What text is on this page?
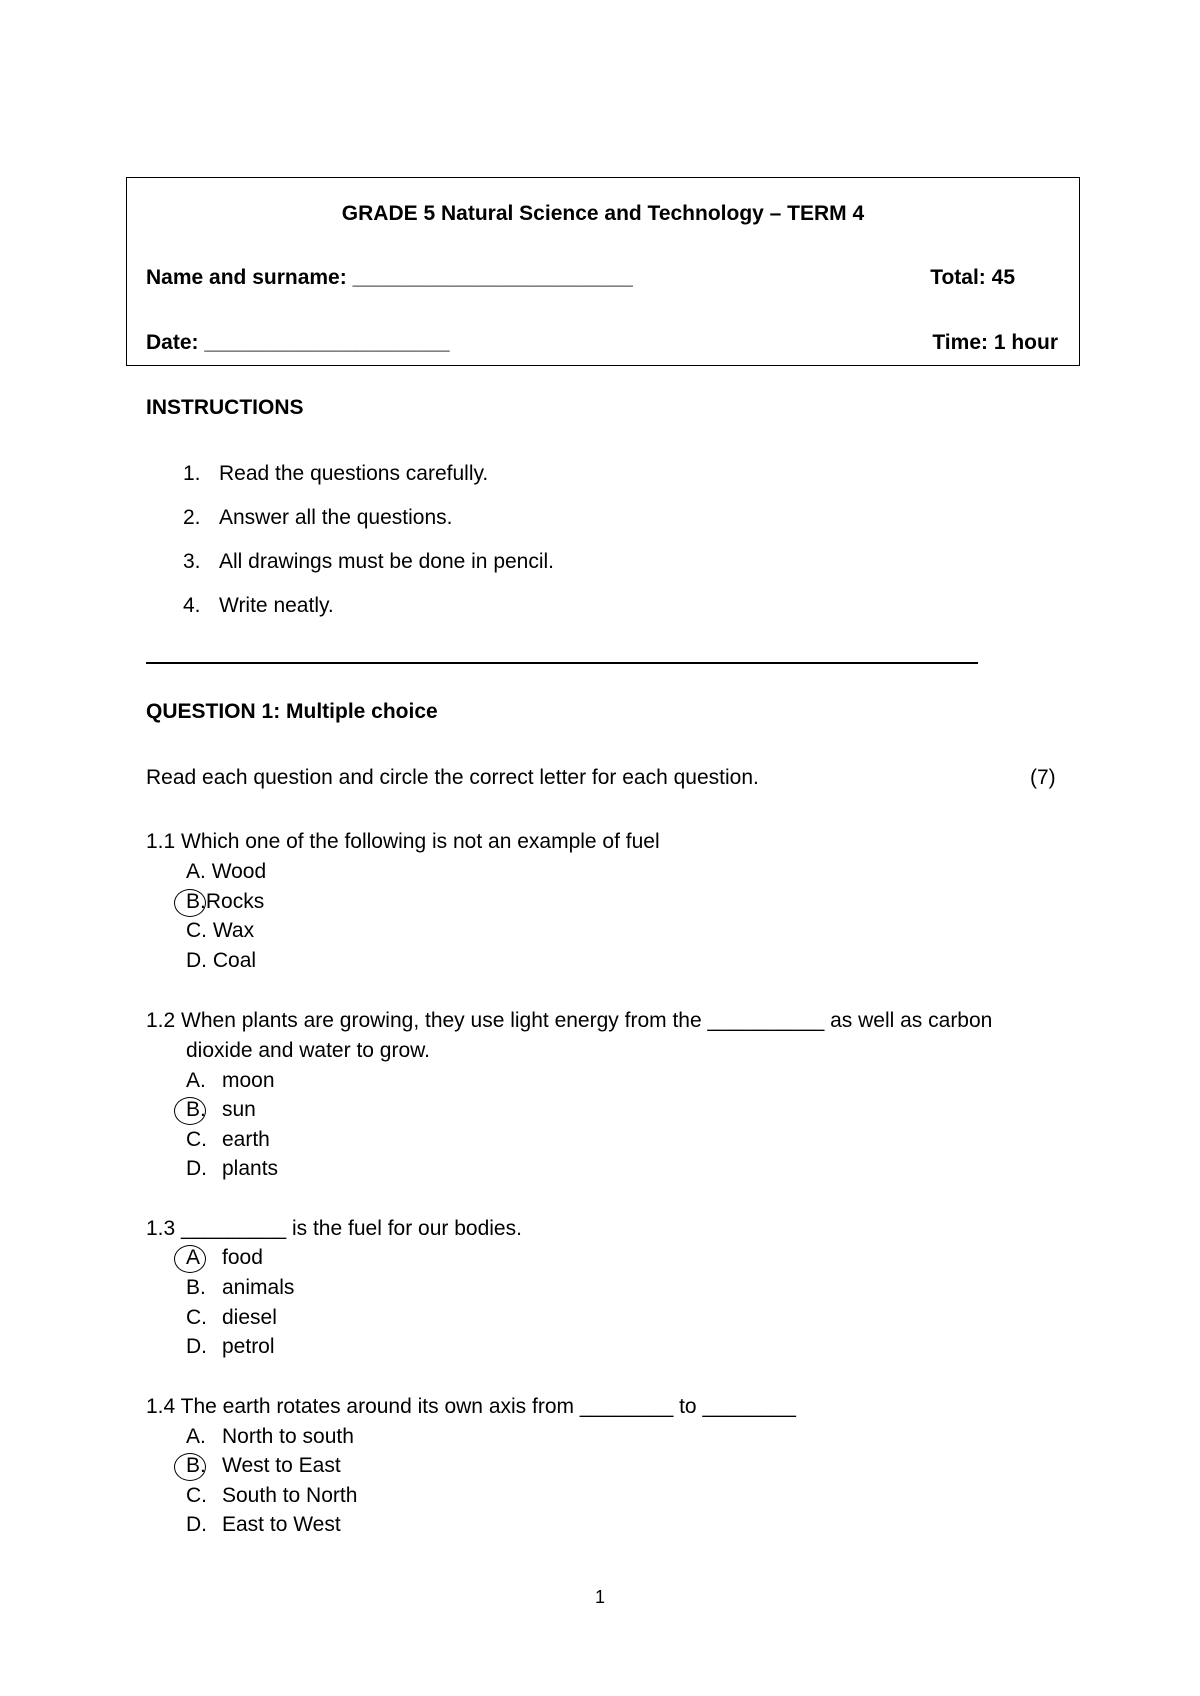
GRADE 5 Natural Science and Technology – TERM 4
Name and surname: ________________________	Total: 45
Date: _____________________	Time: 1 hour
INSTRUCTIONS
1. Read the questions carefully.
2. Answer all the questions.
3. All drawings must be done in pencil.
4. Write neatly.
QUESTION 1: Multiple choice
Read each question and circle the correct letter for each question.	(7)
1.1 Which one of the following is not an example of fuel
A. Wood
B.Rocks
C. Wax
D. Coal
1.2 When plants are growing, they use light energy from the __________ as well as carbon
dioxide and water to grow.
A. moon
B. sun
C. earth
D. plants
1.3 _________ is the fuel for our bodies.
A food
B. animals
C. diesel
D. petrol
1.4 The earth rotates around its own axis from ________ to ________
A. North to south
B. West to East
C. South to North
D. East to West
1
